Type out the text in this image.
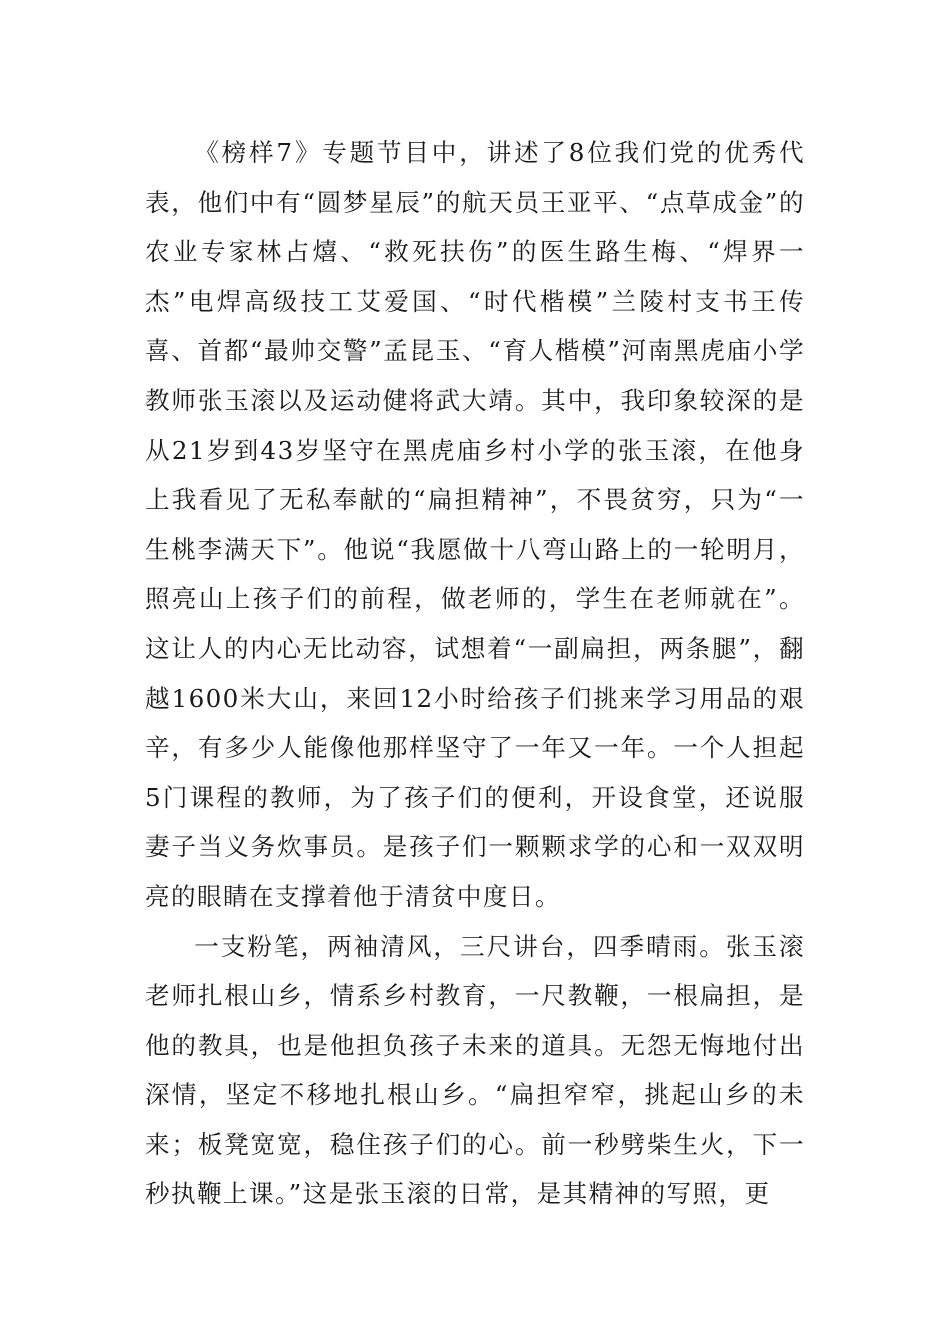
《榜样7》专题节目中，讲述了8位我们党的优秀代表，他们中有“圆梦星辰”的航天员王亚平、“点草成金”的农业专家林占熺、“救死扶伤”的医生路生梅、“焊界一杰”电焊高级技工艾爱国、“时代楷模”兰陵村支书王传喜、首都“最帅交警”孟昆玉、“育人楷模”河南黑虎庙小学教师张玉滚以及运动健将武大靖。其中，我印象较深的是从21岁到43岁坚守在黑虎庙乡村小学的张玉滚，在他身上我看见了无私奉献的“扁担精神”，不畏贫穷，只为“一生桃李满天下”。他说“我愿做十八弯山路上的一轮明月，照亮山上孩子们的前程，做老师的，学生在老师就在”。这让人的内心无比动容，试想着“一副扁担，两条腿”，翻越1600米大山，来回12小时给孩子们挑来学习用品的艰辛，有多少人能像他那样坚守了一年又一年。一个人担起5门课程的教师，为了孩子们的便利，开设食堂，还说服妻子当义务炊事员。是孩子们一颗颗求学的心和一双双明亮的眼睛在支撑着他于清贫中度日。

一支粉笔，两袖清风，三尺讲台，四季晴雨。张玉滚老师扎根山乡，情系乡村教育，一尺教鞭，一根扁担，是他的教具，也是他担负孩子未来的道具。无怨无悔地付出深情，坚定不移地扎根山乡。“扁担窄窄，挑起山乡的未来；板凳宽宽，稳住孩子们的心。前一秒劈柴生火，下一秒执鞭上课。”这是张玉滚的日常，是其精神的写照，更
